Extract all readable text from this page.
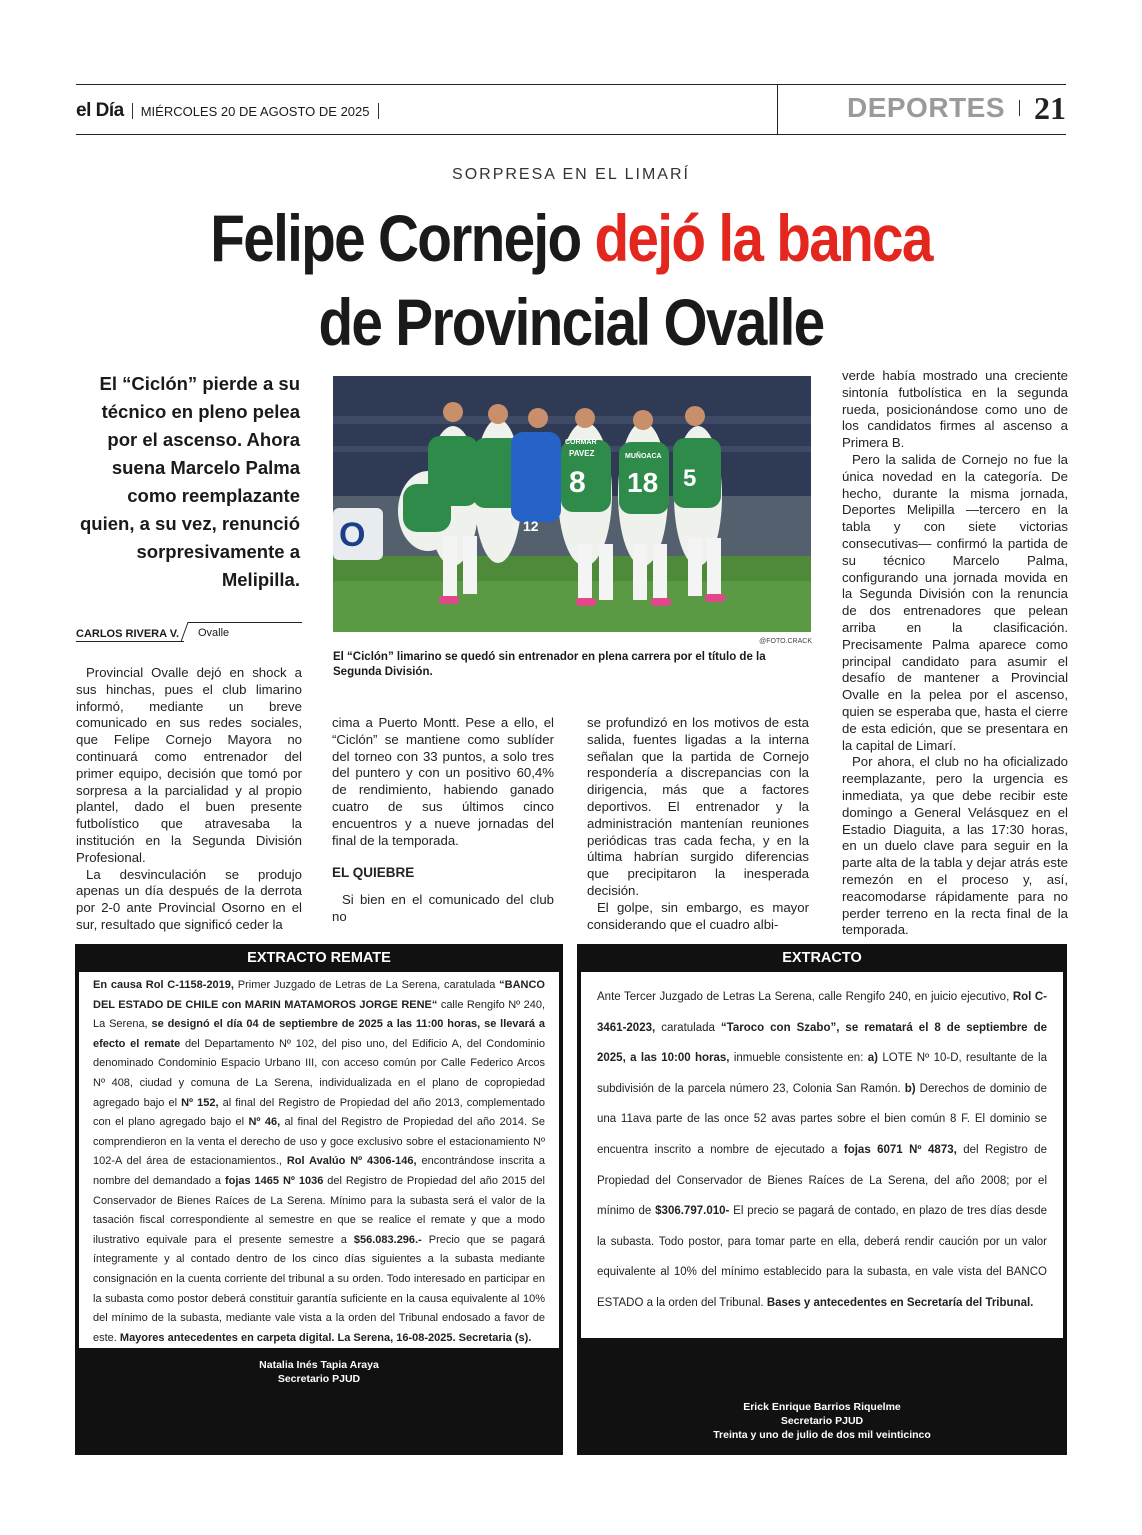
el Día MIÉRCOLES 20 DE AGOSTO DE 2025	DEPORTES 21
SORPRESA EN EL LIMARÍ
Felipe Cornejo dejó la banca
de Provincial Ovalle
El “Ciclón” pierde a su técnico en pleno pelea por el ascenso. Ahora suena Marcelo Palma como reemplazante quien, a su vez, renunció sorpresivamente a Melipilla.
CARLOS RIVERA V. Ovalle
O	12
PAVEZ
8
MUÑOACA
18 5
CORMAR
@FOTO.CRACK
El “Ciclón” limarino se quedó sin entrenador en plena carrera por el título de la Segunda División.

Provincial Ovalle dejó en shock a sus hinchas, pues el club limarino informó, mediante un breve comunicado en sus redes sociales, que Felipe Cornejo Mayora no continuará como entrenador del primer equipo, decisión que tomó por sorpresa a la parcialidad y al propio plantel, dado el buen presente futbolístico que atravesaba la institución en la Segunda División Profesional.

La desvinculación se produjo apenas un día después de la derrota por 2-0 ante Provincial Osorno en el sur, resultado que significó ceder la

cima a Puerto Montt. Pese a ello, el “Ciclón” se mantiene como sublíder del torneo con 33 puntos, a solo tres del puntero y con un positivo 60,4% de rendimiento, habiendo ganado cuatro de sus últimos cinco encuentros y a nueve jornadas del final de la temporada.

EL QUIEBRE

Si bien en el comunicado del club no

se profundizó en los motivos de esta salida, fuentes ligadas a la interna señalan que la partida de Cornejo respondería a discrepancias con la dirigencia, más que a factores deportivos. El entrenador y la administración mantenían reuniones periódicas tras cada fecha, y en la última habrían surgido diferencias que precipitaron la inesperada decisión.

El golpe, sin embargo, es mayor considerando que el cuadro albi-

verde había mostrado una creciente sintonía futbolística en la segunda rueda, posicionándose como uno de los candidatos firmes al ascenso a Primera B.

Pero la salida de Cornejo no fue la única novedad en la categoría. De hecho, durante la misma jornada, Deportes Melipilla —tercero en la tabla y con siete victorias consecutivas— confirmó la partida de su técnico Marcelo Palma, configurando una jornada movida en la Segunda División con la renuncia de dos entrenadores que pelean arriba en la clasificación. Precisamente Palma aparece como principal candidato para asumir el desafío de mantener a Provincial Ovalle en la pelea por el ascenso, quien se esperaba que, hasta el cierre de esta edición, que se presentara en la capital de Limarí.

Por ahora, el club no ha oficializado reemplazante, pero la urgencia es inmediata, ya que debe recibir este domingo a General Velásquez en el Estadio Diaguita, a las 17:30 horas, en un duelo clave para seguir en la parte alta de la tabla y dejar atrás este remezón en el proceso y, así, reacomodarse rápidamente para no perder terreno en la recta final de la temporada.

EXTRACTO REMATE
En causa Rol C-1158-2019, Primer Juzgado de Letras de La Serena, caratulada “BANCO DEL ESTADO DE CHILE con MARIN MATAMOROS JORGE RENE“ calle Rengifo Nº 240, La Serena, se designó el día 04 de septiembre de 2025 a las 11:00 horas, se llevará a efecto el remate del Departamento Nº 102, del piso uno, del Edificio A, del Condominio denominado Condominio Espacio Urbano III, con acceso común por Calle Federico Arcos Nº 408, ciudad y comuna de La Serena, individualizada en el plano de copropiedad agregado bajo el Nº 152, al final del Registro de Propiedad del año 2013, complementado con el plano agregado bajo el Nº 46, al final del Registro de Propiedad del año 2014. Se comprendieron en la venta el derecho de uso y goce exclusivo sobre el estacionamiento Nº 102-A del área de estacionamientos., Rol Avalúo Nº 4306-146, encontrándose inscrita a nombre del demandado a fojas 1465 Nº 1036 del Registro de Propiedad del año 2015 del Conservador de Bienes Raíces de La Serena. Mínimo para la subasta será el valor de la tasación fiscal correspondiente al semestre en que se realice el remate y que a modo ilustrativo equivale para el presente semestre a $56.083.296.- Precio que se pagará íntegramente y al contado dentro de los cinco días siguientes a la subasta mediante consignación en la cuenta corriente del tribunal a su orden. Todo interesado en participar en la subasta como postor deberá constituir garantía suficiente en la causa equivalente al 10% del mínimo de la subasta, mediante vale vista a la orden del Tribunal endosado a favor de este. Mayores antecedentes en carpeta digital. La Serena, 16-08-2025. Secretaria (s).
Natalia Inés Tapia Araya
Secretario PJUD
EXTRACTO
Ante Tercer Juzgado de Letras La Serena, calle Rengifo 240, en juicio ejecutivo, Rol C-3461-2023, caratulada “Taroco con Szabo”, se rematará el 8 de septiembre de 2025, a las 10:00 horas, inmueble consistente en: a) LOTE Nº 10-D, resultante de la subdivisión de la parcela número 23, Colonia San Ramón. b) Derechos de dominio de una 11ava parte de las once 52 avas partes sobre el bien común 8 F. El dominio se encuentra inscrito a nombre de ejecutado a fojas 6071 Nº 4873, del Registro de Propiedad del Conservador de Bienes Raíces de La Serena, del año 2008; por el mínimo de $306.797.010- El precio se pagará de contado, en plazo de tres días desde la subasta. Todo postor, para tomar parte en ella, deberá rendir caución por un valor equivalente al 10% del mínimo establecido para la subasta, en vale vista del BANCO ESTADO a la orden del Tribunal. Bases y antecedentes en Secretaría del Tribunal.
Erick Enrique Barrios Riquelme
Secretario PJUD
Treinta y uno de julio de dos mil veinticinco
